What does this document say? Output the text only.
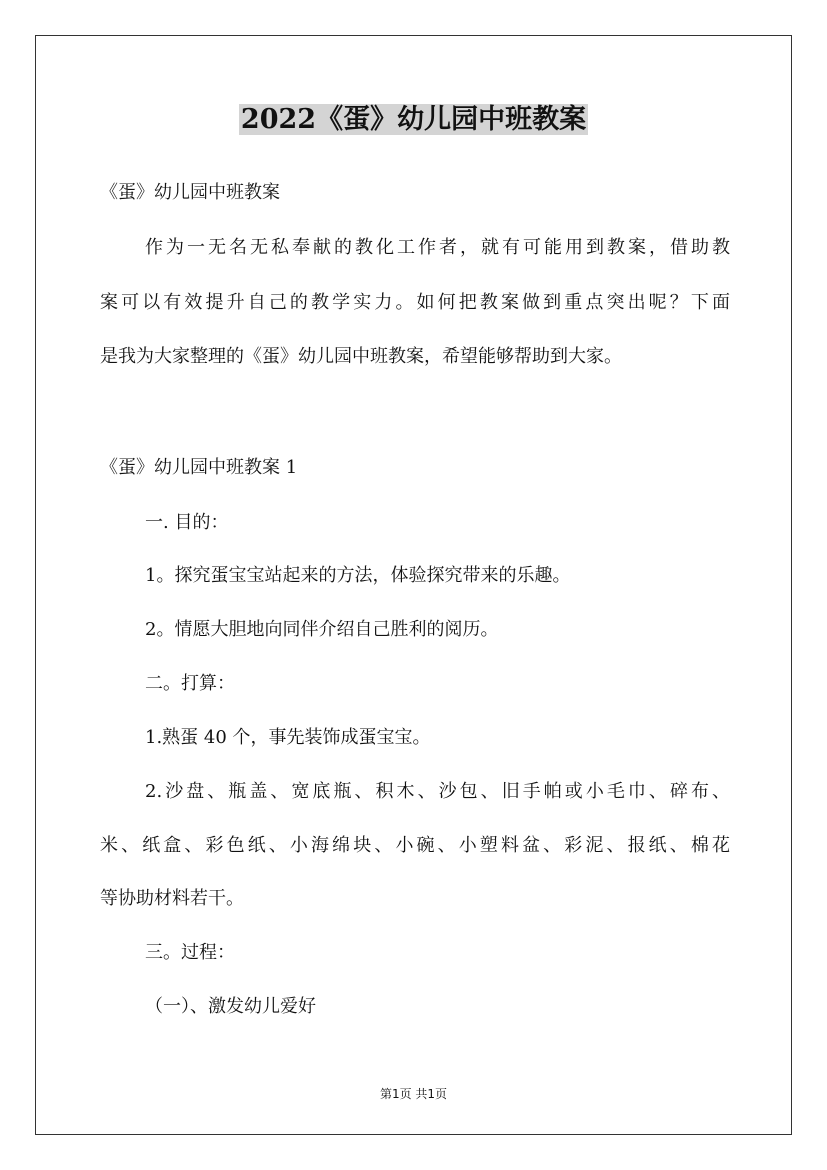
2022《蛋》幼儿园中班教案
《蛋》幼儿园中班教案
作为一无名无私奉献的教化工作者，就有可能用到教案，借助教
案可以有效提升自己的教学实力。如何把教案做到重点突出呢？下面
是我为大家整理的《蛋》幼儿园中班教案，希望能够帮助到大家。
《蛋》幼儿园中班教案 1
一. 目的：
1。探究蛋宝宝站起来的方法，体验探究带来的乐趣。
2。情愿大胆地向同伴介绍自己胜利的阅历。
二。打算：
1.熟蛋 40 个，事先装饰成蛋宝宝。
2.沙盘、瓶盖、宽底瓶、积木、沙包、旧手帕或小毛巾、碎布、
米、纸盒、彩色纸、小海绵块、小碗、小塑料盆、彩泥、报纸、棉花
等协助材料若干。
三。过程：
（一）、激发幼儿爱好
第1页 共1页
